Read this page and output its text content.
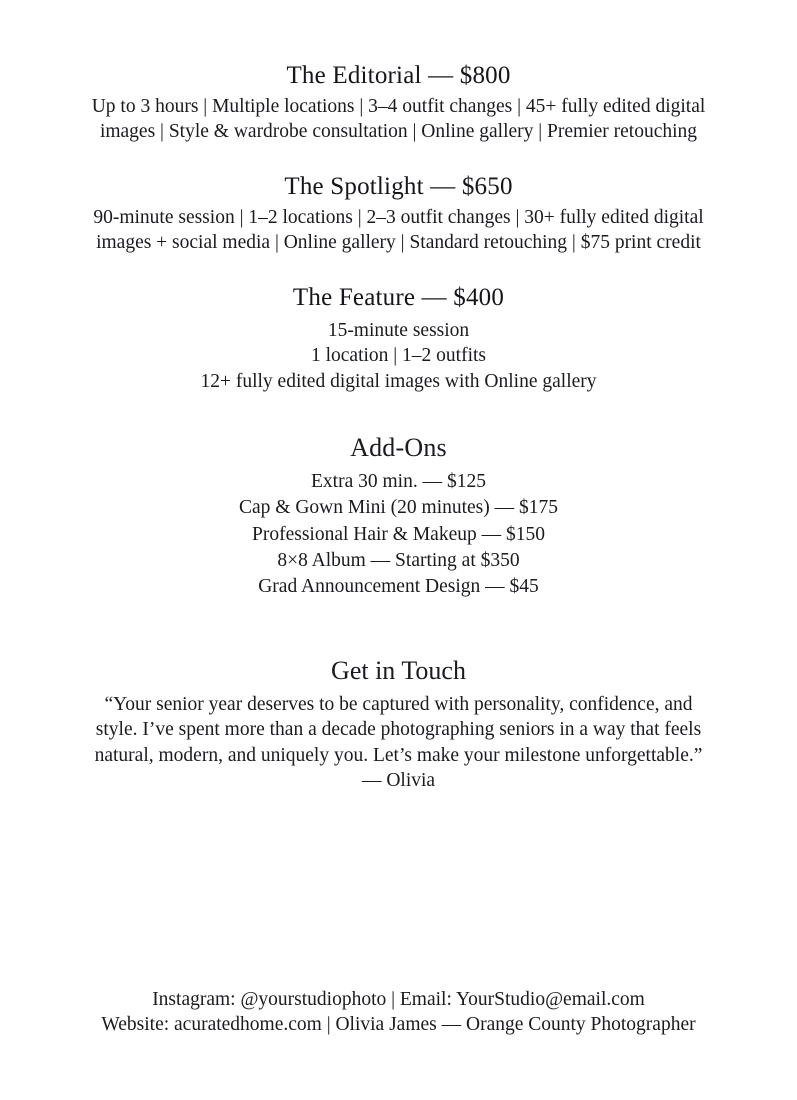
The Editorial — $800
Up to 3 hours | Multiple locations | 3–4 outfit changes | 45+ fully edited digital
images | Style & wardrobe consultation | Online gallery | Premier retouching
The Spotlight — $650
90-minute session | 1–2 locations | 2–3 outfit changes | 30+ fully edited digital
images + social media | Online gallery | Standard retouching | $75 print credit
The Feature — $400
15-minute session
1 location | 1–2 outfits
12+ fully edited digital images with Online gallery
Add-Ons
Extra 30 min. — $125
Cap & Gown Mini (20 minutes) — $175
Professional Hair & Makeup — $150
8×8 Album — Starting at $350
Grad Announcement Design — $45
Get in Touch
“Your senior year deserves to be captured with personality, confidence, and
style. I’ve spent more than a decade photographing seniors in a way that feels
natural, modern, and uniquely you. Let’s make your milestone unforgettable.”
— Olivia
Instagram: @yourstudiophoto | Email: YourStudio@email.com
Website: acuratedhome.com | Olivia James — Orange County Photographer
